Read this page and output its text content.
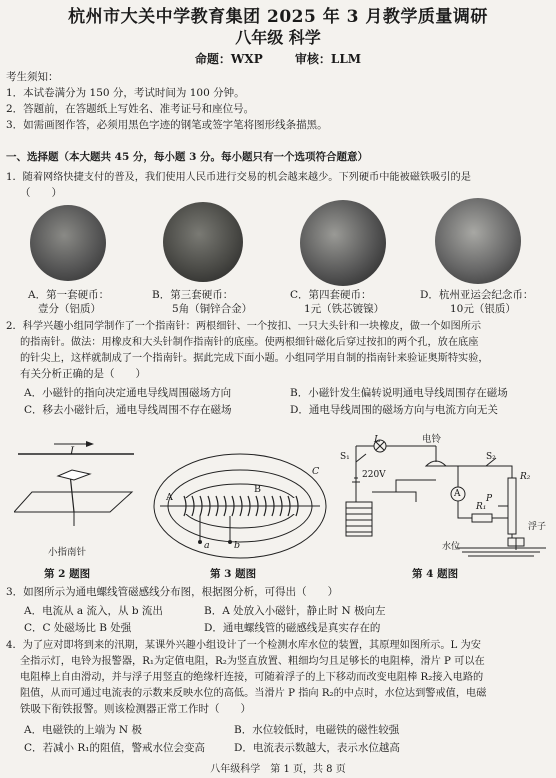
杭州市大关中学教育集团 2025 年 3 月教学质量调研
八年级 科学
命题：WXP	审核：LLM
考生须知：
1．本试卷满分为 150 分，考试时间为 100 分钟。
2．答题前，在答题纸上写姓名、准考证号和座位号。
3．如需画图作答，必须用黑色字迹的钢笔或签字笔将图形线条描黑。
一、选择题（本大题共 45 分，每小题 3 分。每小题只有一个选项符合题意）
1．随着网络快捷支付的普及，我们使用人民币进行交易的机会越来越少。下列硬币中能被磁铁吸引的是
（　　）
A．第一套硬币：
壹分（铝质）
B．第三套硬币：
5角（铜锌合金）
C．第四套硬币：
1元（铁芯镀镍）
D．杭州亚运会纪念币：
10元（银质）
2．科学兴趣小组同学制作了一个指南针：两根细针、一个按扣、一只大头针和一块橡皮，做一个如图所示
的指南针。做法：用橡皮和大头针制作指南针的底座。使两根细针磁化后穿过按扣的两个孔，放在底座
的针尖上，这样就制成了一个指南针。据此完成下面小题。小组同学用自制的指南针来验证奥斯特实验，
有关分析正确的是（　　）
A．小磁针的指向决定通电导线周围磁场方向	B．小磁针发生偏转说明通电导线周围存在磁场
C．移去小磁针后，通电导线周围不存在磁场	D．通电导线周围的磁场方向与电流方向无关
I
小指南针
第 2 题图
A
B
C
a	b
第 3 题图
L
S₁
220V
电铃
S₂
A
R₁
R₂
P
浮子
水位
第 4 题图
3．如图所示为通电螺线管磁感线分布图，根据图分析，可得出（　　）
A．电流从 a 流入，从 b 流出	B．A 处放入小磁针，静止时 N 极向左
C．C 处磁场比 B 处强	D．通电螺线管的磁感线是真实存在的
4．为了应对即将到来的汛期，某课外兴趣小组设计了一个检测水库水位的装置，其原理如图所示。L 为安
全指示灯，电铃为报警器，R₁为定值电阻，R₂为竖直放置、粗细均匀且足够长的电阻棒，滑片 P 可以在
电阻棒上自由滑动，并与浮子用竖直的绝缘杆连接，可随着浮子的上下移动而改变电阻棒 R₂接入电路的
阻值，从而可通过电流表的示数来反映水位的高低。当滑片 P 指向 R₂的中点时，水位达到警戒值，电磁
铁吸下衔铁报警。则该检测器正常工作时（　　）
A．电磁铁的上端为 N 极	B．水位较低时，电磁铁的磁性较强
C．若减小 R₁的阻值，警戒水位会变高	D．电流表示数越大，表示水位越高
八年级科学　第 1 页，共 8 页
